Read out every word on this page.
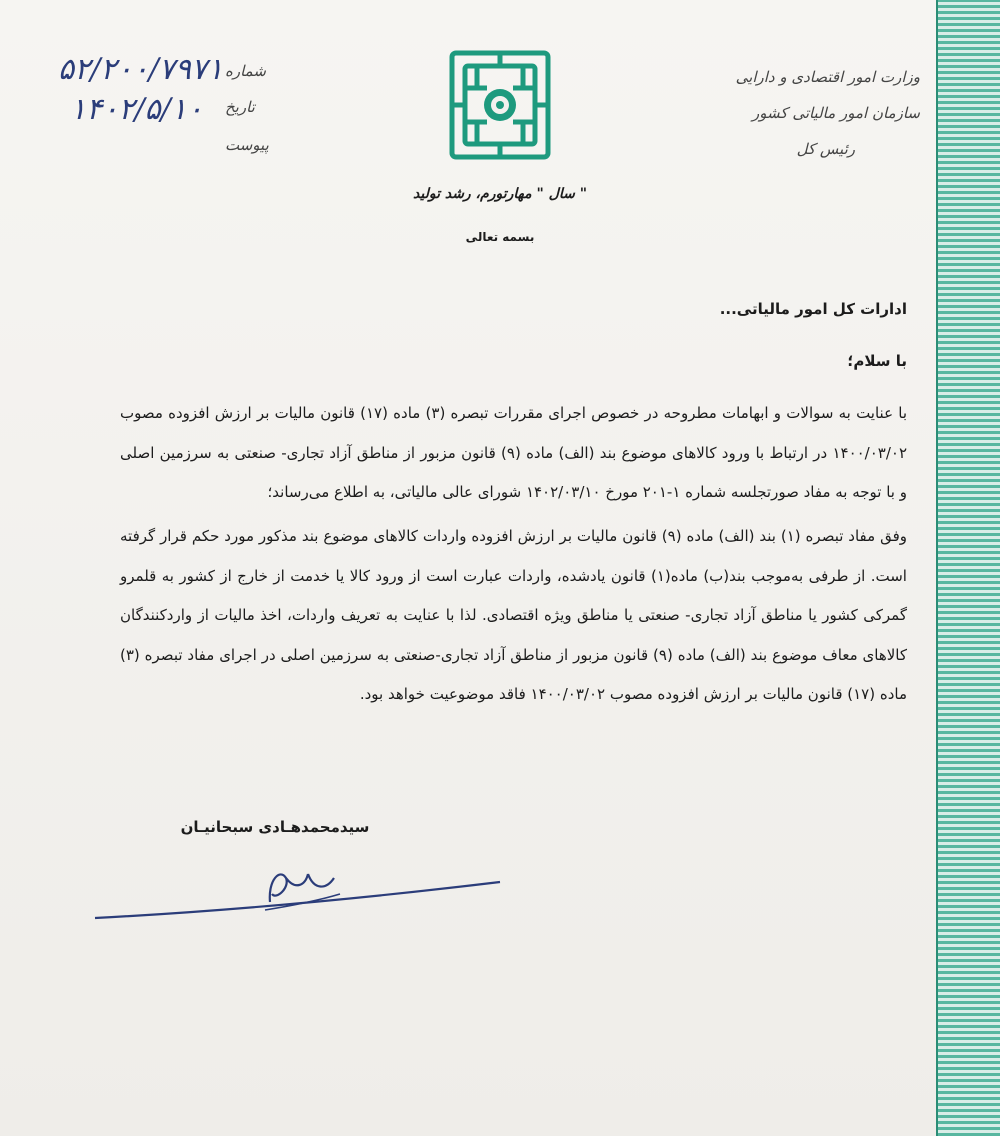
۵۲/۲۰۰/۷۹۷۱
۱۴۰۲/۵/۱۰
شماره
تاریخ
پیوست
وزارت امور اقتصادی و دارایی
سازمان امور مالیاتی کشور
رئیس کل
سال " مهارتورم، رشد تولید "
بسمه تعالی
ادارات کل امور مالیاتی...
با سلام؛
با عنایت به سوالات و ابهامات مطروحه در خصوص اجرای مقررات تبصره (۳) ماده (۱۷) قانون مالیات بر ارزش افزوده مصوب ۱۴۰۰/۰۳/۰۲ در ارتباط با ورود کالاهای موضوع بند (الف) ماده (۹) قانون مزبور از مناطق آزاد تجاری- صنعتی به سرزمین اصلی و با توجه به مفاد صورتجلسه شماره ۱-۲۰۱ مورخ ۱۴۰۲/۰۳/۱۰ شورای عالی مالیاتی، به اطلاع می‌رساند؛
وفق مفاد تبصره (۱) بند (الف) ماده (۹) قانون مالیات بر ارزش افزوده واردات کالاهای موضوع بند مذکور مورد حکم قرار گرفته است. از طرفی به‌موجب بند(ب) ماده(۱) قانون یادشده، واردات عبارت است از ورود کالا یا خدمت از خارج از کشور به قلمرو گمرکی کشور یا مناطق آزاد تجاری- صنعتی یا مناطق ویژه اقتصادی. لذا با عنایت به تعریف واردات، اخذ مالیات از واردکنندگان کالاهای معاف موضوع بند (الف) ماده (۹) قانون مزبور از مناطق آزاد تجاری-صنعتی به سرزمین اصلی در اجرای مفاد تبصره (۳) ماده (۱۷) قانون مالیات بر ارزش افزوده مصوب ۱۴۰۰/۰۳/۰۲ فاقد موضوعیت خواهد بود.
سیدمحمدهـادی سبحانیـان
